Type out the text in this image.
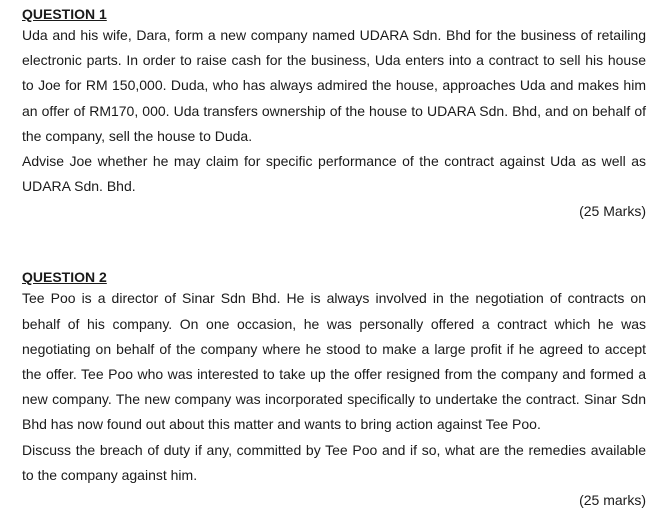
QUESTION 1

Uda and his wife, Dara, form a new company named UDARA Sdn. Bhd for the business of retailing electronic parts. In order to raise cash for the business, Uda enters into a contract to sell his house to Joe for RM 150,000. Duda, who has always admired the house, approaches Uda and makes him an offer of RM170, 000. Uda transfers ownership of the house to UDARA Sdn. Bhd, and on behalf of the company, sell the house to Duda.

Advise Joe whether he may claim for specific performance of the contract against Uda as well as UDARA Sdn. Bhd.

(25 Marks)

QUESTION 2

Tee Poo is a director of Sinar Sdn Bhd. He is always involved in the negotiation of contracts on behalf of his company. On one occasion, he was personally offered a contract which he was negotiating on behalf of the company where he stood to make a large profit if he agreed to accept the offer. Tee Poo who was interested to take up the offer resigned from the company and formed a new company. The new company was incorporated specifically to undertake the contract. Sinar Sdn Bhd has now found out about this matter and wants to bring action against Tee Poo.

Discuss the breach of duty if any, committed by Tee Poo and if so, what are the remedies available to the company against him.

(25 marks)
